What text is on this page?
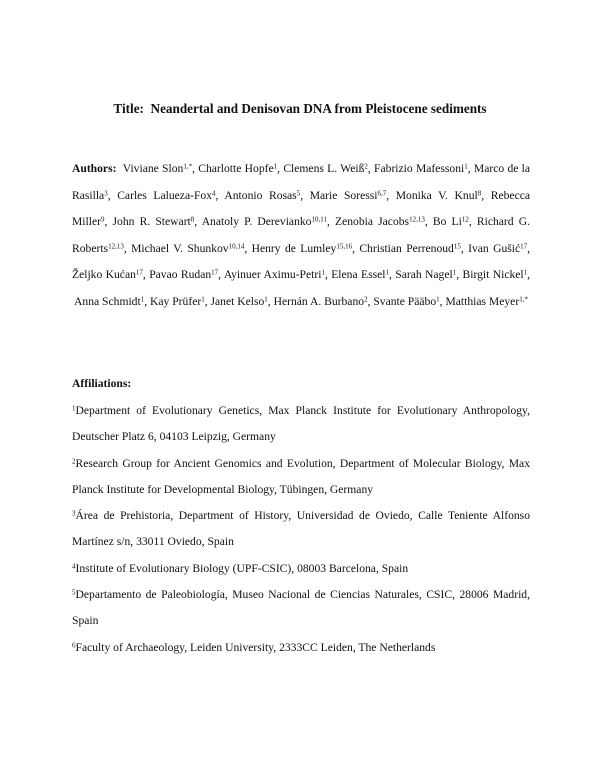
Title: Neandertal and Denisovan DNA from Pleistocene sediments
Authors: Viviane Slon$^{1,*}$, Charlotte Hopfe$^1$, Clemens L. Weiß$^2$, Fabrizio Mafessoni$^1$, Marco de la Rasilla$^3$, Carles Lalueza-Fox$^4$, Antonio Rosas$^5$, Marie Soressi$^{6,7}$, Monika V. Knul$^8$, Rebecca Miller$^9$, John R. Stewart$^8$, Anatoly P. Derevianko$^{10,11}$, Zenobia Jacobs$^{12,13}$, Bo Li$^{12}$, Richard G. Roberts$^{12,13}$, Michael V. Shunkov$^{10,14}$, Henry de Lumley$^{15,16}$, Christian Perrenoud$^{15}$, Ivan Gušić$^{17}$, Željko Kućan$^{17}$, Pavao Rudan$^{17}$, Ayinuer Aximu-Petri$^1$, Elena Essel$^1$, Sarah Nagel$^1$, Birgit Nickel$^1$, Anna Schmidt$^1$, Kay Prüfer$^1$, Janet Kelso$^1$, Hernán A. Burbano$^2$, Svante Pääbo$^1$, Matthias Meyer$^{1,*}$
Affiliations:
$^1$Department of Evolutionary Genetics, Max Planck Institute for Evolutionary Anthropology, Deutscher Platz 6, 04103 Leipzig, Germany
$^2$Research Group for Ancient Genomics and Evolution, Department of Molecular Biology, Max Planck Institute for Developmental Biology, Tübingen, Germany
$^3$Área de Prehistoria, Department of History, Universidad de Oviedo, Calle Teniente Alfonso Martínez s/n, 33011 Oviedo, Spain
$^4$Institute of Evolutionary Biology (UPF-CSIC), 08003 Barcelona, Spain
$^5$Departamento de Paleobiología, Museo Nacional de Ciencias Naturales, CSIC, 28006 Madrid, Spain
$^6$Faculty of Archaeology, Leiden University, 2333CC Leiden, The Netherlands
